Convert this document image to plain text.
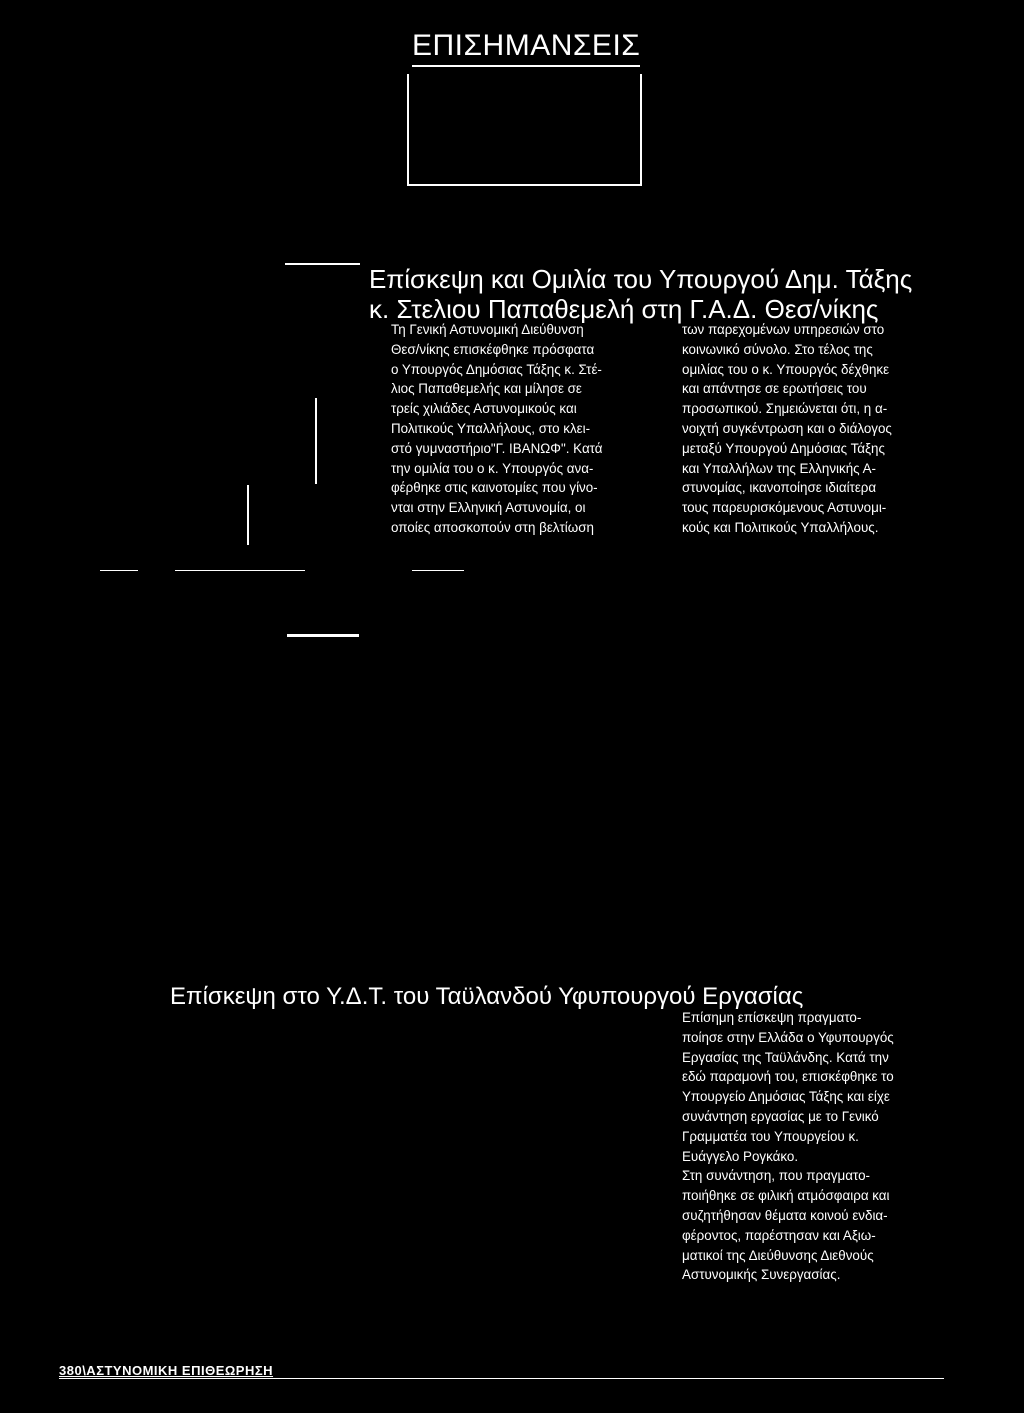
ΕΠΙΣΗΜΑΝΣΕΙΣ
Επίσκεψη και Ομιλία του Υπουργού Δημ. Τάξης
κ. Στελιου Παπαθεμελή στη Γ.Α.Δ. Θεσ/νίκης
Τη Γενική Αστυνομική Διεύθυνση
Θεσ/νίκης επισκέφθηκε πρόσφατα
ο Υπουργός Δημόσιας Τάξης κ. Στέ-
λιος Παπαθεμελής και μίλησε σε
τρείς χιλιάδες Αστυνομικούς και
Πολιτικούς Υπαλλήλους, στο κλει-
στό γυμναστήριο"Γ. ΙΒΑΝΩΦ". Κατά
την ομιλία του ο κ. Υπουργός ανα-
φέρθηκε στις καινοτομίες που γίνο-
νται στην Ελληνική Αστυνομία, οι
οποίες αποσκοπούν στη βελτίωση
των παρεχομένων υπηρεσιών στο
κοινωνικό σύνολο. Στο τέλος της
ομιλίας του ο κ. Υπουργός δέχθηκε
και απάντησε σε ερωτήσεις του
προσωπικού. Σημειώνεται ότι, η α-
νοιχτή συγκέντρωση και ο διάλογος
μεταξύ Υπουργού Δημόσιας Τάξης
και Υπαλλήλων της Ελληνικής Α-
στυνομίας, ικανοποίησε ιδιαίτερα
τους παρευρισκόμενους Αστυνομι-
κούς και Πολιτικούς Υπαλλήλους.
Επίσκεψη στο Υ.Δ.Τ. του Ταϋλανδού Υφυπουργού Εργασίας
Επίσημη επίσκεψη πραγματο-
ποίησε στην Ελλάδα ο Υφυπουργός
Εργασίας της Ταϋλάνδης. Κατά την
εδώ παραμονή του, επισκέφθηκε το
Υπουργείο Δημόσιας Τάξης και είχε
συνάντηση εργασίας με το Γενικό
Γραμματέα του Υπουργείου κ.
Ευάγγελο Ρογκάκο.
Στη συνάντηση, που πραγματο-
ποιήθηκε σε φιλική ατμόσφαιρα και
συζητήθησαν θέματα κοινού ενδια-
φέροντος, παρέστησαν και Αξιω-
ματικοί της Διεύθυνσης Διεθνούς
Αστυνομικής Συνεργασίας.
380\ΑΣΤΥΝΟΜΙΚΗ ΕΠΙΘΕΩΡΗΣΗ
